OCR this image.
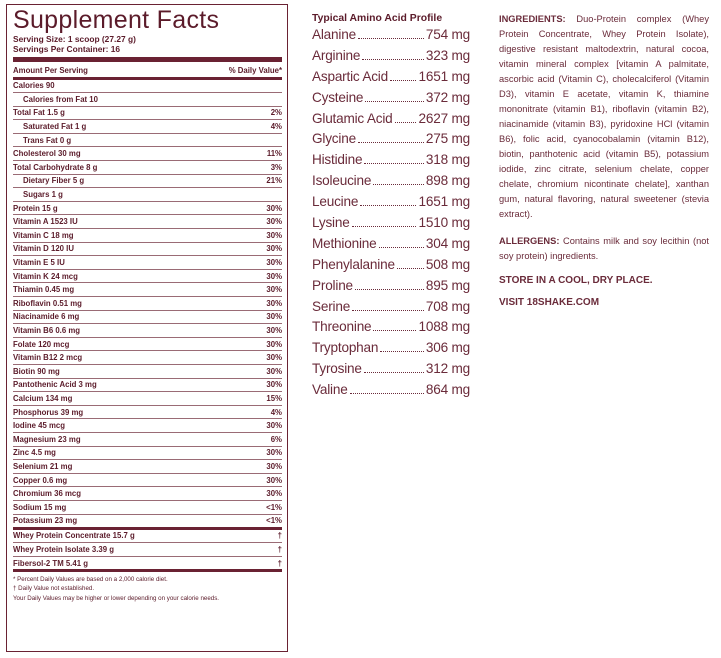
Supplement Facts
Serving Size: 1 scoop (27.27 g)
Servings Per Container: 16
Amount Per Serving	% Daily Value*
Calories 90
Calories from Fat 10
Total Fat 1.5 g	2%
Saturated Fat 1 g	4%
Trans Fat 0 g
Cholesterol 30 mg	11%
Total Carbohydrate 8 g	3%
Dietary Fiber 5 g	21%
Sugars 1 g
Protein 15 g	30%
Vitamin A 1523 IU	30%
Vitamin C 18 mg	30%
Vitamin D 120 IU	30%
Vitamin E 5 IU	30%
Vitamin K 24 mcg	30%
Thiamin 0.45 mg	30%
Riboflavin 0.51 mg	30%
Niacinamide 6 mg	30%
Vitamin B6 0.6 mg	30%
Folate 120 mcg	30%
Vitamin B12 2 mcg	30%
Biotin 90 mg	30%
Pantothenic Acid 3 mg	30%
Calcium 134 mg	15%
Phosphorus 39 mg	4%
Iodine 45 mcg	30%
Magnesium 23 mg	6%
Zinc 4.5 mg	30%
Selenium 21 mg	30%
Copper 0.6 mg	30%
Chromium 36 mcg	30%
Sodium 15 mg	<1%
Potassium 23 mg	<1%
Whey Protein Concentrate 15.7 g	†
Whey Protein Isolate 3.39 g	†
Fibersol-2 TM 5.41 g	†
* Percent Daily Values are based on a 2,000 calorie diet.
† Daily Value not established.
Your Daily Values may be higher or lower depending on your calorie needs.
Typical Amino Acid Profile
Alanine	754 mg
Arginine	323 mg
Aspartic Acid 1651 mg
Cysteine	372 mg
Glutamic Acid 2627 mg
Glycine	275 mg
Histidine	318 mg
Isoleucine	898 mg
Leucine	1651 mg
Lysine	1510 mg
Methionine	304 mg
Phenylalanine 508 mg
Proline	895 mg
Serine	708 mg
Threonine	1088 mg
Tryptophan	306 mg
Tyrosine	312 mg
Valine	864 mg

INGREDIENTS: Duo-Protein complex (Whey Protein Concentrate, Whey Protein Isolate), digestive resistant maltodextrin, natural cocoa, vitamin mineral complex [vitamin A palmitate, ascorbic acid (Vitamin C), cholecalciferol (Vitamin D3), vitamin E acetate, vitamin K, thiamine mononitrate (vitamin B1), riboflavin (vitamin B2), niacinamide (vitamin B3), pyridoxine HCl (vitamin B6), folic acid, cyanocobalamin (vitamin B12), biotin, panthotenic acid (vitamin B5), potassium iodide, zinc citrate, selenium chelate, copper chelate, chromium nicontinate chelate], xanthan gum, natural flavoring, natural sweetener (stevia extract).

ALLERGENS: Contains milk and soy lecithin (not soy protein) ingredients.

STORE IN A COOL, DRY PLACE.
VISIT 18SHAKE.COM
